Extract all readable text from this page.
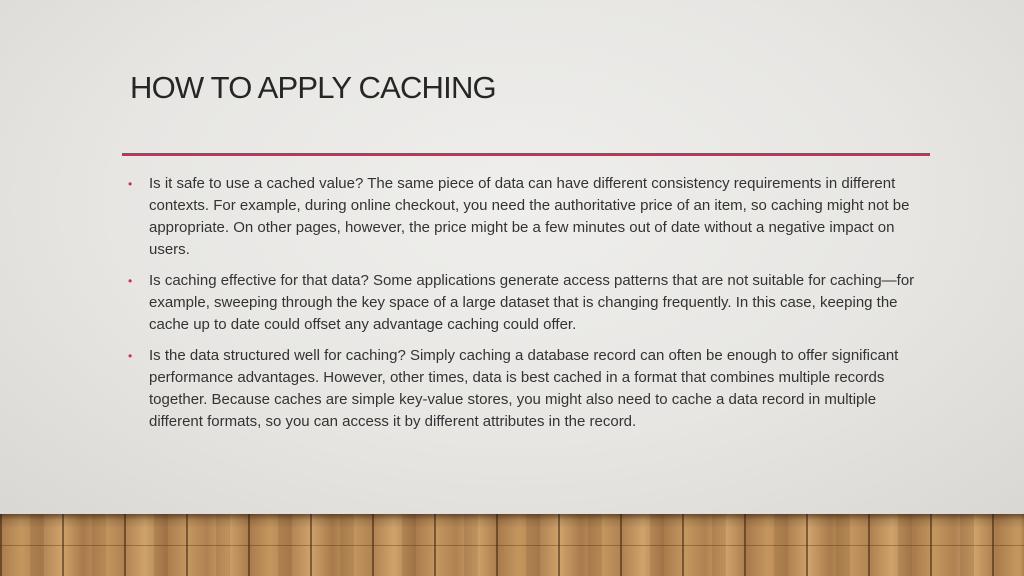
HOW TO APPLY CACHING
• Is it safe to use a cached value? The same piece of data can have different consistency requirements in different contexts. For example, during online checkout, you need the authoritative price of an item, so caching might not be appropriate. On other pages, however, the price might be a few minutes out of date without a negative impact on users.
• Is caching effective for that data? Some applications generate access patterns that are not suitable for caching—for example, sweeping through the key space of a large dataset that is changing frequently. In this case, keeping the cache up to date could offset any advantage caching could offer.
• Is the data structured well for caching? Simply caching a database record can often be enough to offer significant performance advantages. However, other times, data is best cached in a format that combines multiple records together. Because caches are simple key-value stores, you might also need to cache a data record in multiple different formats, so you can access it by different attributes in the record.
